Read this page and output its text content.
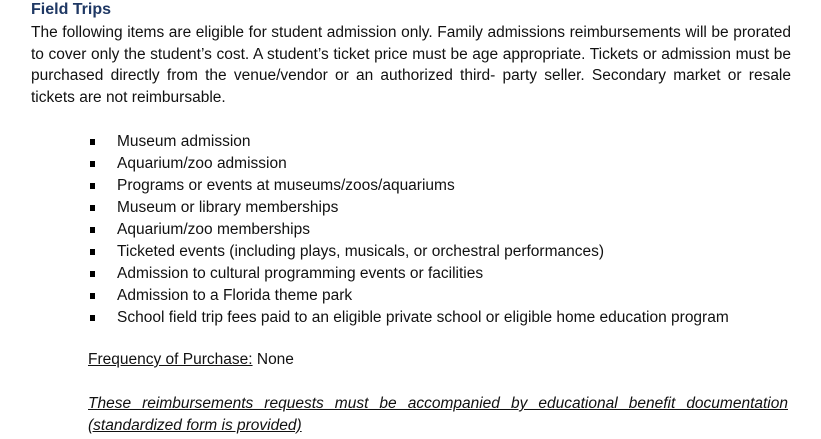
Field Trips
The following items are eligible for student admission only. Family admissions reimbursements will be prorated to cover only the student’s cost. A student’s ticket price must be age appropriate. Tickets or admission must be purchased directly from the venue/vendor or an authorized third- party seller. Secondary market or resale tickets are not reimbursable.
Museum admission
Aquarium/zoo admission
Programs or events at museums/zoos/aquariums
Museum or library memberships
Aquarium/zoo memberships
Ticketed events (including plays, musicals, or orchestral performances)
Admission to cultural programming events or facilities
Admission to a Florida theme park
School field trip fees paid to an eligible private school or eligible home education program
Frequency of Purchase: None
These reimbursements requests must be accompanied by educational benefit documentation (standardized form is provided)
